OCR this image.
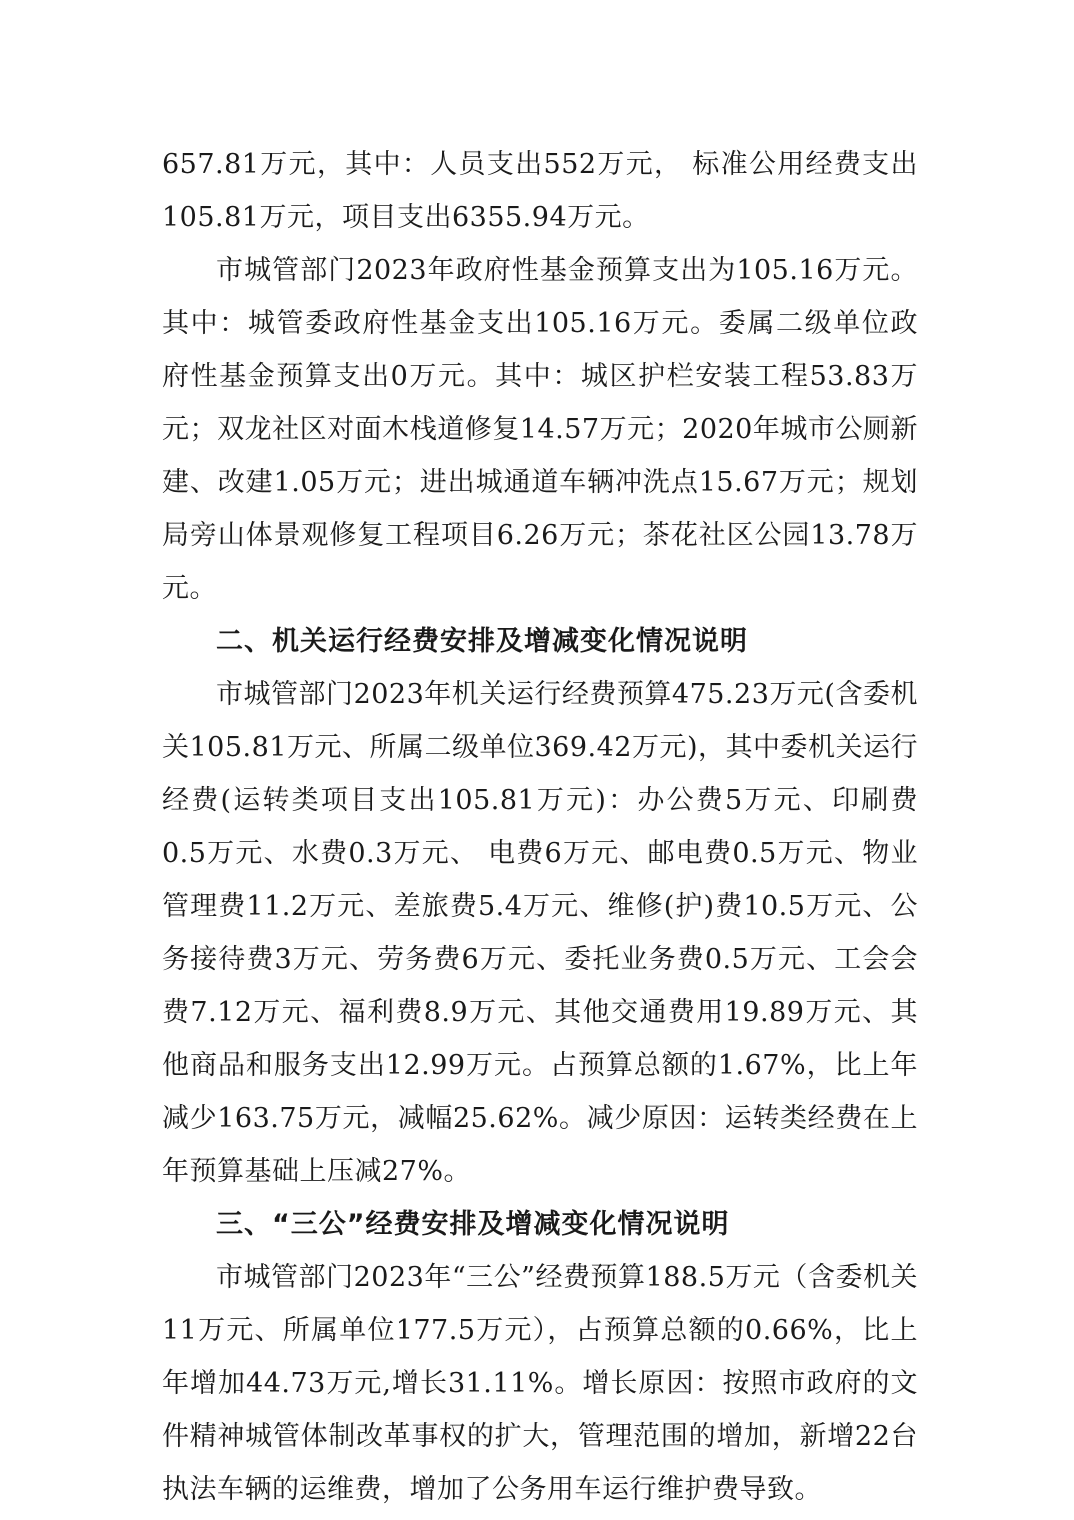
657.81万元，其中：人员支出552万元， 标准公用经费支出105.81万元，项目支出6355.94万元。

市城管部门2023年政府性基金预算支出为105.16万元。其中：城管委政府性基金支出105.16万元。委属二级单位政府性基金预算支出0万元。其中：城区护栏安装工程53.83万元；双龙社区对面木栈道修复14.57万元；2020年城市公厕新建、改建1.05万元；进出城通道车辆冲洗点15.67万元；规划局旁山体景观修复工程项目6.26万元；茶花社区公园13.78万元。

二、机关运行经费安排及增减变化情况说明

市城管部门2023年机关运行经费预算475.23万元(含委机关105.81万元、所属二级单位369.42万元)，其中委机关运行经费(运转类项目支出105.81万元)：办公费5万元、印刷费0.5万元、水费0.3万元、 电费6万元、邮电费0.5万元、物业管理费11.2万元、差旅费5.4万元、维修(护)费10.5万元、公务接待费3万元、劳务费6万元、委托业务费0.5万元、工会会费7.12万元、福利费8.9万元、其他交通费用19.89万元、其他商品和服务支出12.99万元。占预算总额的1.67%，比上年减少163.75万元，减幅25.62%。减少原因：运转类经费在上年预算基础上压减27%。

三、“三公”经费安排及增减变化情况说明

市城管部门2023年“三公”经费预算188.5万元（含委机关11万元、所属单位177.5万元），占预算总额的0.66%，比上年增加44.73万元,增长31.11%。增长原因：按照市政府的文件精神城管体制改革事权的扩大，管理范围的增加，新增22台执法车辆的运维费，增加了公务用车运行维护费导致。
